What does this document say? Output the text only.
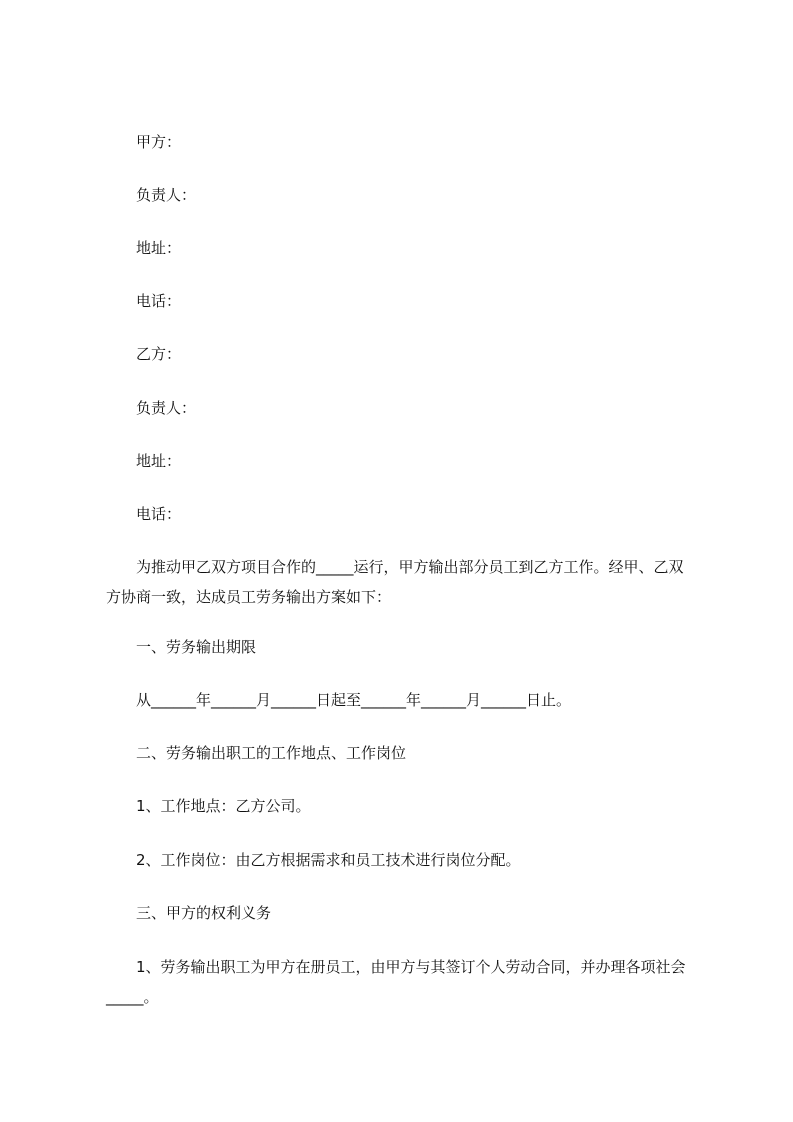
甲方：
负责人：
地址：
电话：
乙方：
负责人：
地址：
电话：
为推动甲乙双方项目合作的_____运行，甲方输出部分员工到乙方工作。经甲、乙双方协商一致，达成员工劳务输出方案如下：
一、劳务输出期限
从______年______月______日起至______年______月______日止。
二、劳务输出职工的工作地点、工作岗位
1、工作地点：乙方公司。
2、工作岗位：由乙方根据需求和员工技术进行岗位分配。
三、甲方的权利义务
1、劳务输出职工为甲方在册员工，由甲方与其签订个人劳动合同，并办理各项社会_____。
